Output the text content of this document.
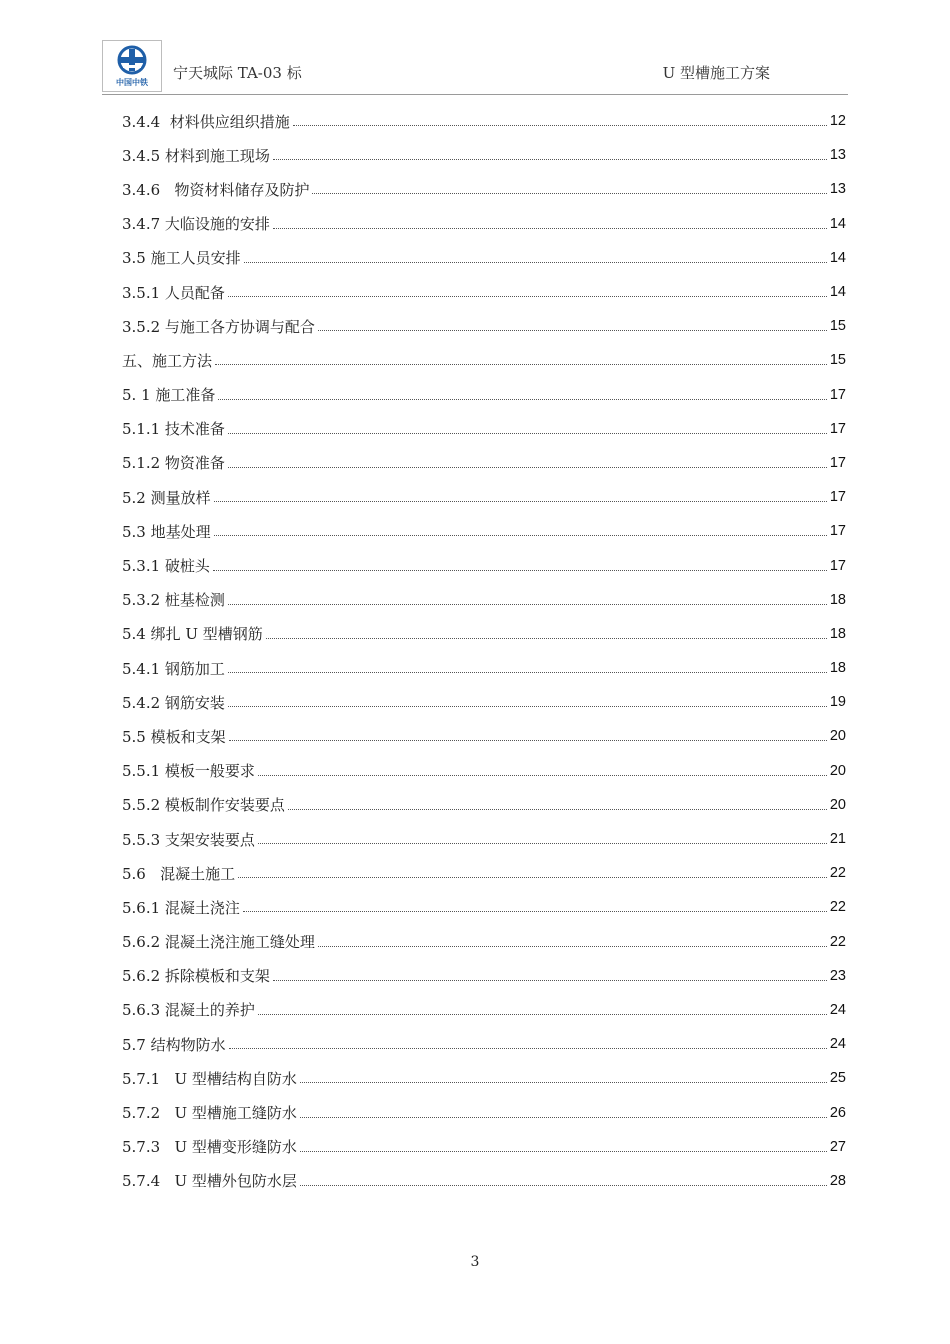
中国中铁
宁天城际 TA-03 标	U 型槽施工方案
3.4.4  材料供应组织措施	12
3.4.5 材料到施工现场	13
3.4.6   物资材料储存及防护	13
3.4.7 大临设施的安排	14
3.5 施工人员安排	14
3.5.1 人员配备	14
3.5.2 与施工各方协调与配合	15
五、施工方法	15
5. 1 施工准备	17
5.1.1 技术准备	17
5.1.2 物资准备	17
5.2 测量放样	17
5.3 地基处理	17
5.3.1 破桩头	17
5.3.2 桩基检测	18
5.4 绑扎 U 型槽钢筋	18
5.4.1 钢筋加工	18
5.4.2 钢筋安装	19
5.5 模板和支架	20
5.5.1 模板一般要求	20
5.5.2 模板制作安装要点	20
5.5.3 支架安装要点	21
5.6   混凝土施工	22
5.6.1 混凝土浇注	22
5.6.2 混凝土浇注施工缝处理	22
5.6.2 拆除模板和支架	23
5.6.3 混凝土的养护	24
5.7 结构物防水	24
5.7.1   U 型槽结构自防水	25
5.7.2   U 型槽施工缝防水	26
5.7.3   U 型槽变形缝防水	27
5.7.4   U 型槽外包防水层	28
3
